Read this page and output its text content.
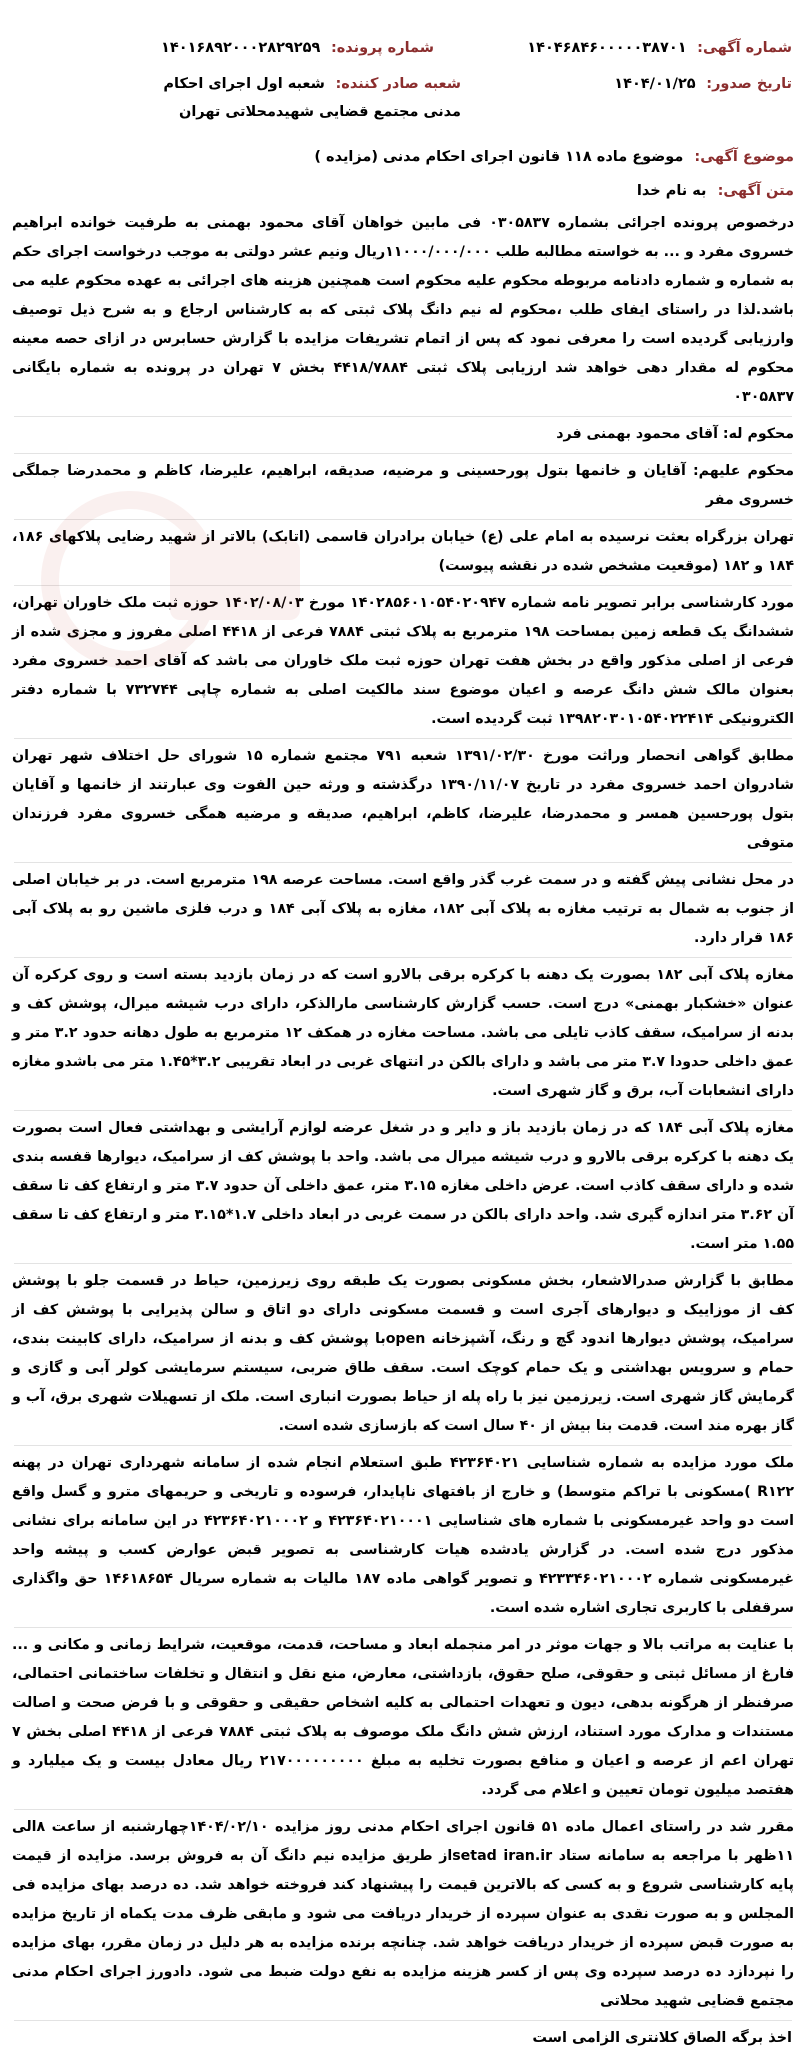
شماره آگهی: ۱۴۰۴۶۸۴۶۰۰۰۰۰۳۸۷۰۱
شماره پرونده: ۱۴۰۱۶۸۹۲۰۰۰۲۸۲۹۲۵۹
تاریخ صدور: ۱۴۰۴/۰۱/۲۵
شعبه صادر کننده: شعبه اول اجرای احکام مدنی مجتمع قضایی شهیدمحلاتی تهران
موضوع آگهی: موضوع ماده ۱۱۸ قانون اجرای احکام مدنی (مزایده )
متن آگهی: به نام خدا

درخصوص پرونده اجرائی بشماره ۰۳۰۵۸۳۷ فی مابین خواهان آقای محمود بهمنی به طرفیت خوانده ابراهیم خسروی مفرد و ... به خواسته مطالبه طلب ۱۱۰۰۰/۰۰۰/۰۰۰ریال ونیم عشر دولتی به موجب درخواست اجرای حکم به شماره و شماره دادنامه مربوطه محکوم علیه محکوم است همچنین هزینه های اجرائی به عهده محکوم علیه می باشد.لذا در راستای ایفای طلب ،محکوم له نیم دانگ پلاک ثبتی که به کارشناس ارجاع و به شرح ذیل توصیف وارزیابی گردیده است را معرفی نمود که پس از اتمام تشریفات مزایده با گزارش حسابرس در ازای حصه معینه محکوم له مقدار دهی خواهد شد ارزیابی پلاک ثبتی ۴۴۱۸/۷۸۸۴ بخش ۷ تهران در پرونده به شماره بایگانی ۰۳۰۵۸۳۷

محکوم له: آقای محمود بهمنی فرد

محکوم علیهم: آقایان و خانمها بتول پورحسینی و مرضیه، صدیقه، ابراهیم، علیرضا، کاظم و محمدرضا جملگی خسروی مفر

تهران بزرگراه بعثت نرسیده به امام علی (ع) خیابان برادران قاسمی (اتابک) بالاتر از شهید رضایی پلاکهای ۱۸۶، ۱۸۴ و ۱۸۲ (موقعیت مشخص شده در نقشه پیوست)

مورد کارشناسی برابر تصویر نامه شماره ۱۴۰۲۸۵۶۰۱۰۵۴۰۲۰۹۴۷ مورخ ۱۴۰۲/۰۸/۰۳ حوزه ثبت ملک خاوران تهران، ششدانگ یک قطعه زمین بمساحت ۱۹۸ مترمربع به پلاک ثبتی ۷۸۸۴ فرعی از ۴۴۱۸ اصلی مفروز و مجزی شده از فرعی از اصلی مذکور واقع در بخش هفت تهران حوزه ثبت ملک خاوران می باشد که آقای احمد خسروی مفرد بعنوان مالک شش دانگ عرصه و اعیان موضوع سند مالکیت اصلی به شماره چاپی ۷۳۲۷۴۴ با شماره دفتر الکترونیکی ۱۳۹۸۲۰۳۰۱۰۵۴۰۲۲۴۱۴ ثبت گردیده است.

مطابق گواهی انحصار وراثت مورخ ۱۳۹۱/۰۲/۳۰ شعبه ۷۹۱ مجتمع شماره ۱۵ شورای حل اختلاف شهر تهران شادروان احمد خسروی مفرد در تاریخ ۱۳۹۰/۱۱/۰۷ درگذشته و ورثه حین الفوت وی عبارتند از خانمها و آقایان بتول پورحسین همسر و محمدرضا، علیرضا، کاظم، ابراهیم، صدیقه و مرضیه همگی خسروی مفرد فرزندان متوفی

در محل نشانی پیش گفته و در سمت غرب گذر واقع است. مساحت عرصه ۱۹۸ مترمربع است. در بر خیابان اصلی از جنوب به شمال به ترتیب مغازه به پلاک آبی ۱۸۲، مغازه به پلاک آبی ۱۸۴ و درب فلزی ماشین رو به پلاک آبی ۱۸۶ قرار دارد.

مغازه پلاک آبی ۱۸۲ بصورت یک دهنه با کرکره برقی بالارو است که در زمان بازدید بسته است و روی کرکره آن عنوان «خشکبار بهمنی» درج است. حسب گزارش کارشناسی مارالذکر، دارای درب شیشه میرال، پوشش کف و بدنه از سرامیک، سقف کاذب تایلی می باشد. مساحت مغازه در همکف ۱۲ مترمربع به طول دهانه حدود ۳.۲ متر و عمق داخلی حدودا ۳.۷ متر می باشد و دارای بالکن در انتهای غربی در ابعاد تقریبی ۳.۲*۱.۴۵ متر می باشدو مغازه دارای انشعابات آب، برق و گاز شهری است.

مغازه پلاک آبی ۱۸۴ که در زمان بازدید باز و دایر و در شغل عرضه لوازم آرایشی و بهداشتی فعال است بصورت یک دهنه با کرکره برقی بالارو و درب شیشه میرال می باشد. واحد با پوشش کف از سرامیک، دیوارها قفسه بندی شده و دارای سقف کاذب است. عرض داخلی مغازه ۳.۱۵ متر، عمق داخلی آن حدود ۳.۷ متر و ارتفاع کف تا سقف آن ۳.۶۲ متر اندازه گیری شد. واحد دارای بالکن در سمت غربی در ابعاد داخلی ۱.۷*۳.۱۵ متر و ارتفاع کف تا سقف ۱.۵۵ متر است.

مطابق با گزارش صدرالاشعار، بخش مسکونی بصورت یک طبقه روی زیرزمین، حیاط در قسمت جلو با پوشش کف از موزاییک و دیوارهای آجری است و قسمت مسکونی دارای دو اتاق و سالن پذیرایی با پوشش کف از سرامیک، پوشش دیوارها اندود گچ و رنگ، آشپزخانه openبا پوشش کف و بدنه از سرامیک، دارای کابینت بندی، حمام و سرویس بهداشتی و یک حمام کوچک است. سقف طاق ضربی، سیستم سرمایشی کولر آبی و گازی و گرمایش گاز شهری است. زیرزمین نیز با راه پله از حیاط بصورت انباری است. ملک از تسهیلات شهری برق، آب و گاز بهره مند است. قدمت بنا بیش از ۴۰ سال است که بازسازی شده است.

ملک مورد مزایده به شماره شناسایی ۴۲۳۶۴۰۲۱ طبق استعلام انجام شده از سامانه شهرداری تهران در پهنه R۱۲۲ )مسکونی با تراکم متوسط) و خارج از بافتهای ناپایدار، فرسوده و تاریخی و حریمهای مترو و گسل واقع است دو واحد غیرمسکونی با شماره های شناسایی ۴۲۳۶۴۰۲۱۰۰۰۱ و ۴۲۳۶۴۰۲۱۰۰۰۲ در این سامانه برای نشانی مذکور درج شده است. در گزارش یادشده هیات کارشناسی به تصویر قبض عوارض کسب و پیشه واحد غیرمسکونی شماره ۴۲۳۳۴۶۰۲۱۰۰۰۲ و تصویر گواهی ماده ۱۸۷ مالیات به شماره سریال ۱۴۶۱۸۶۵۴ حق واگذاری سرقفلی با کاربری تجاری اشاره شده است.

با عنایت به مراتب بالا و جهات موثر در امر منجمله ابعاد و مساحت، قدمت، موقعیت، شرایط زمانی و مکانی و ... فارغ از مسائل ثبتی و حقوقی، صلح حقوق، بازداشتی، معارض، منع نقل و انتقال و تخلفات ساختمانی احتمالی، صرفنظر از هرگونه بدهی، دیون و تعهدات احتمالی به کلیه اشخاص حقیقی و حقوقی و با فرض صحت و اصالت مستندات و مدارک مورد استناد، ارزش شش دانگ ملک موصوف به پلاک ثبتی ۷۸۸۴ فرعی از ۴۴۱۸ اصلی بخش ۷ تهران اعم از عرصه و اعیان و منافع بصورت تخلیه به مبلغ ۲۱۷۰۰۰۰۰۰۰۰۰ ریال معادل بیست و یک میلیارد و هفتصد میلیون تومان تعیین و اعلام می گردد.

مقرر شد در راستای اعمال ماده ۵۱ قانون اجرای احکام مدنی روز مزایده ۱۴۰۴/۰۲/۱۰چهارشنبه از ساعت ۸الی ۱۱ظهر با مراجعه به سامانه ستاد setad iran.irاز طریق مزایده نیم دانگ آن به فروش برسد. مزایده از قیمت پایه کارشناسی شروع و به کسی که بالاترین قیمت را پیشنهاد کند فروخته خواهد شد. ده درصد بهای مزایده فی المجلس و به صورت نقدی به عنوان سپرده از خریدار دریافت می شود و مابقی ظرف مدت یکماه از تاریخ مزایده به صورت قبض سپرده از خریدار دریافت خواهد شد. چنانچه برنده مزایده به هر دلیل در زمان مقرر، بهای مزایده را نپردازد ده درصد سپرده وی پس از کسر هزینه مزایده به نفع دولت ضبط می شود. دادورز اجرای احکام مدنی مجتمع قضایی شهید محلاتی

اخذ برگه الصاق کلانتری الزامی است
